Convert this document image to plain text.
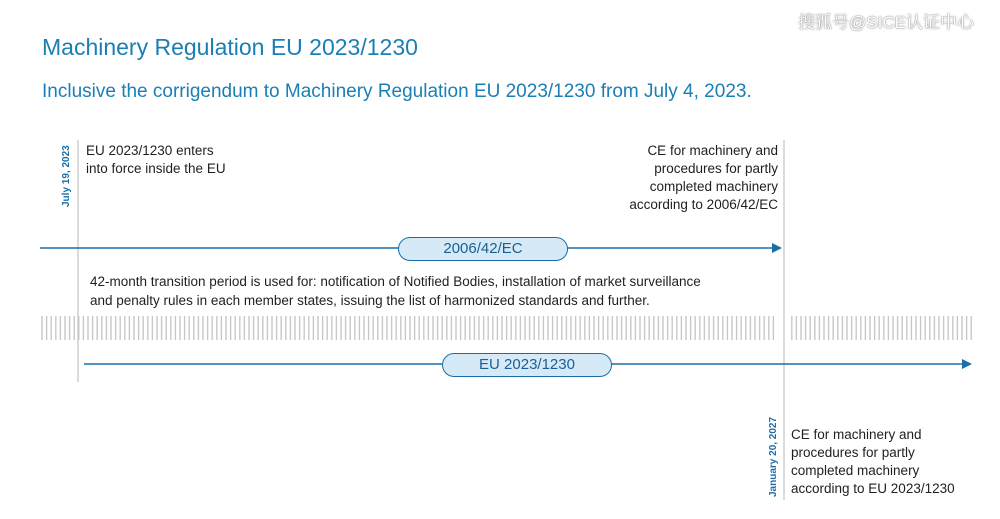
搜狐号@SICE认证中心
Machinery Regulation EU 2023/1230
Inclusive the corrigendum to Machinery Regulation EU 2023/1230 from July 4, 2023.
July 19, 2023 EU 2023/1230 enters
into force inside the EU
CE for machinery and
procedures for partly
completed machinery
according to 2006/42/EC
2006/42/EC
42-month transition period is used for: notification of Notified Bodies, installation of market surveillance
and penalty rules in each member states, issuing the list of harmonized standards and further.
EU 2023/1230
January 20, 2027 CE for machinery and
procedures for partly
completed machinery
according to EU 2023/1230
